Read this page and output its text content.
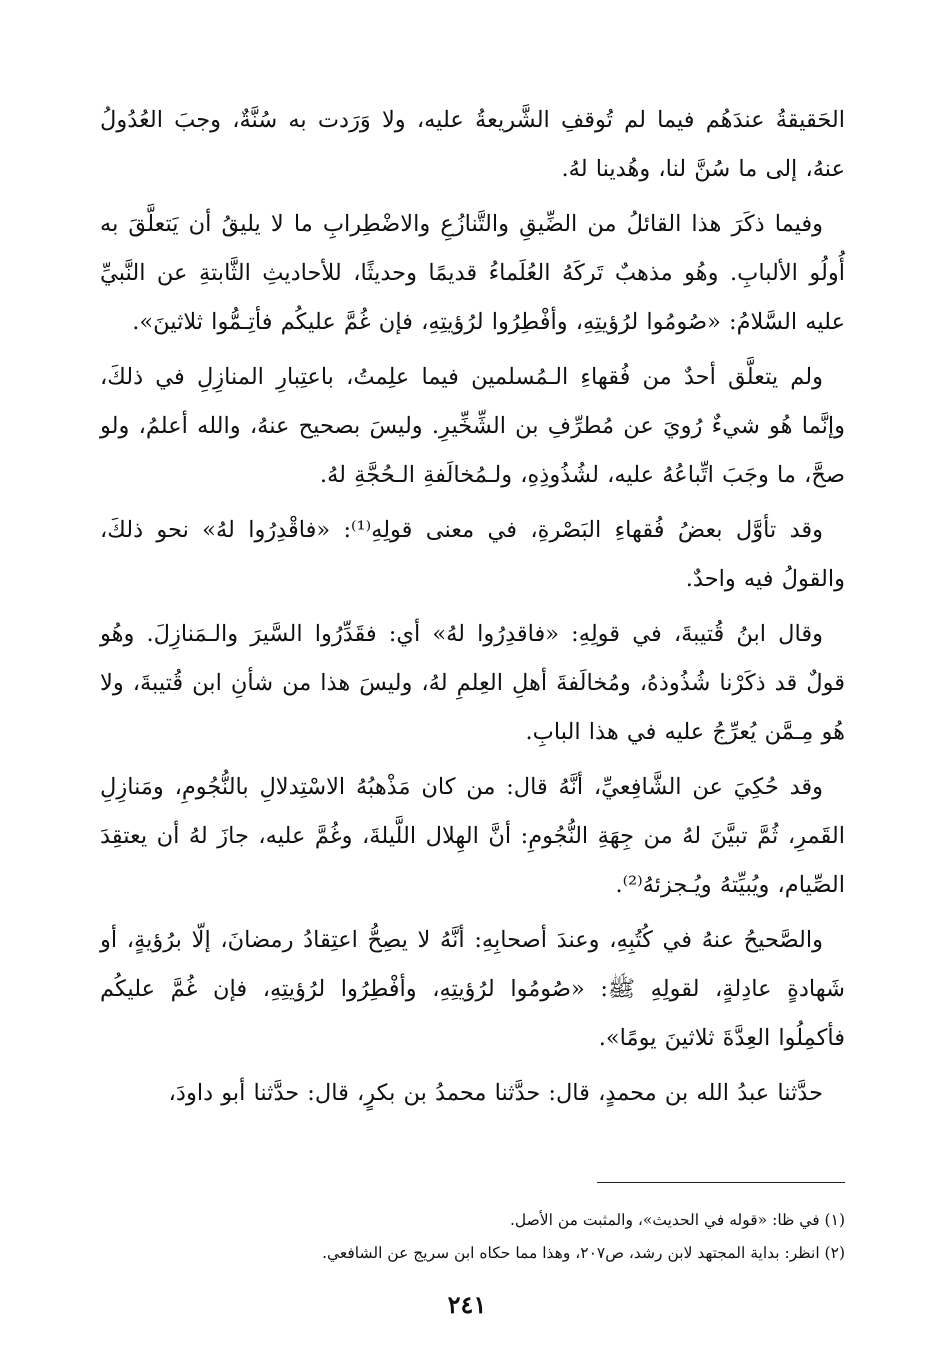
الحَقيقةُ عندَهُم فيما لم تُوقفِ الشَّريعةُ عليه، ولا وَرَدت به سُنَّةٌ، وجبَ العُدُولُ عنهُ، إلى ما سُنَّ لنا، وهُدينا لهُ.

وفيما ذكَرَ هذا القائلُ من الضِّيقِ والتَّنازُعِ والاضْطِرابِ ما لا يليقُ أن يَتعلَّقَ به أُولُو الألبابِ. وهُو مذهبٌ تَركَهُ العُلَماءُ قديمًا وحديثًا، للأحاديثِ الثَّابتةِ عن النَّبيِّ عليه السَّلامُ: «صُومُوا لرُؤيتِهِ، وأفْطِرُوا لرُؤيتِهِ، فإن غُمَّ عليكُم فأتِـمُّوا ثلاثينَ».

ولم يتعلَّق أحدٌ من فُقهاءِ الـمُسلمين فيما علِمتُ، باعتِبارِ المنازِلِ في ذلكَ، وإنَّما هُو شيءٌ رُويَ عن مُطرِّفِ بن الشِّخِّيرِ. وليسَ بصحيح عنهُ، والله أعلمُ، ولو صحَّ، ما وجَبَ اتِّباعُهُ عليه، لشُذُوذِهِ، ولـمُخالَفةِ الـحُجَّةِ لهُ.

وقد تأوَّل بعضُ فُقهاءِ البَصْرةِ، في معنى قولِهِ⁽¹⁾: «فاقْدِرُوا لهُ» نحو ذلكَ، والقولُ فيه واحدٌ.

وقال ابنُ قُتيبةَ، في قولِهِ: «فاقدِرُوا لهُ» أي: فقَدِّرُوا السَّيرَ والـمَنازِلَ. وهُو قولٌ قد ذكَرْنا شُذُوذهُ، ومُخالَفةَ أهلِ العِلمِ لهُ، وليسَ هذا من شأنِ ابن قُتيبةَ، ولا هُو مِـمَّن يُعرِّجُ عليه في هذا البابِ.

وقد حُكِيَ عن الشَّافِعيِّ، أنَّهُ قال: من كان مَذْهبُهُ الاسْتِدلالِ بالنُّجُومِ، ومَنازِلِ القَمرِ، ثُمَّ تبيَّنَ لهُ من جِهَةِ النُّجُومِ: أنَّ الهِلال اللَّيلةَ، وغُمَّ عليه، جازَ لهُ أن يعتقِدَ الصِّيام، ويُبيِّتهُ ويُـجزئهُ⁽²⁾.

والصَّحيحُ عنهُ في كُتُبِهِ، وعندَ أصحابِهِ: أنَّهُ لا يصِحُّ اعتِقادُ رمضانَ، إلّا برُؤيةٍ، أو شَهادةٍ عادِلةٍ، لقولِهِ ﷺ: «صُومُوا لرُؤيتِهِ، وأفْطِرُوا لرُؤيتِهِ، فإن غُمَّ عليكُم فأكمِلُوا العِدَّةَ ثلاثينَ يومًا».

حدَّثنا عبدُ الله بن محمدٍ، قال: حدَّثنا محمدُ بن بكرٍ، قال: حدَّثنا أبو داودَ،

(١) في ظا: «قوله في الحديث»، والمثبت من الأصل.

(٢) انظر: بداية المجتهد لابن رشد، ص٢٠٧، وهذا مما حكاه ابن سريج عن الشافعي.

٢٤١
